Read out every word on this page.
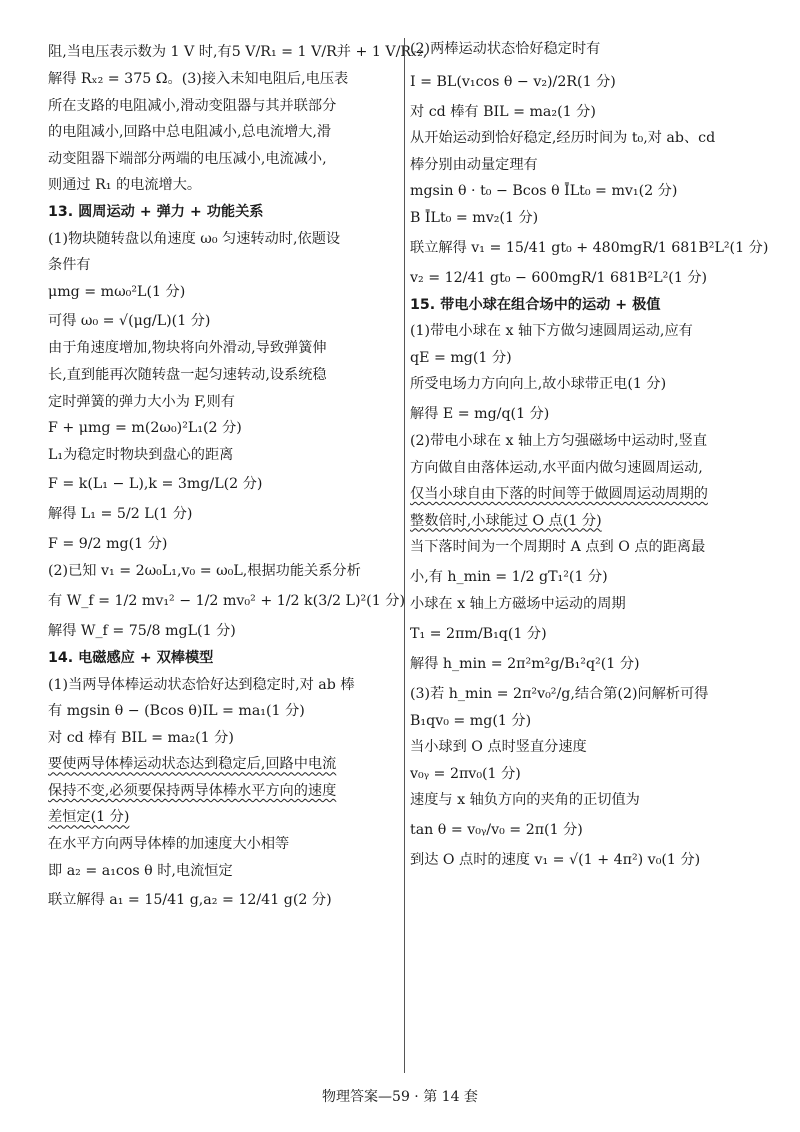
阻,当电压表示数为 1 V 时,有5 V/R₁ = 1 V/R并 + 1 V/Rₓ₂,
解得 Rₓ₂ = 375 Ω。(3)接入未知电阻后,电压表
所在支路的电阻减小,滑动变阻器与其并联部分
的电阻减小,回路中总电阻减小,总电流增大,滑
动变阻器下端部分两端的电压减小,电流减小,
则通过 R₁ 的电流增大。
13. 圆周运动 + 弹力 + 功能关系
(1)物块随转盘以角速度 ω₀ 匀速转动时,依题设
条件有
μmg = mω₀²L(1 分)
可得 ω₀ = √(μg/L)(1 分)
由于角速度增加,物块将向外滑动,导致弹簧伸
长,直到能再次随转盘一起匀速转动,设系统稳
定时弹簧的弹力大小为 F,则有
F + μmg = m(2ω₀)²L₁(2 分)
L₁为稳定时物块到盘心的距离
F = k(L₁ − L),k = 3mg/L(2 分)
解得 L₁ = 5/2 L(1 分)
F = 9/2 mg(1 分)
(2)已知 v₁ = 2ω₀L₁,v₀ = ω₀L,根据功能关系分析
有 W_f = 1/2 mv₁² − 1/2 mv₀² + 1/2 k(3/2 L)²(1 分)
解得 W_f = 75/8 mgL(1 分)
14. 电磁感应 + 双棒模型
(1)当两导体棒运动状态恰好达到稳定时,对 ab 棒
有 mgsin θ − (Bcos θ)IL = ma₁(1 分)
对 cd 棒有 BIL = ma₂(1 分)
要使两导体棒运动状态达到稳定后,回路中电流
保持不变,必须要保持两导体棒水平方向的速度
差恒定(1 分)
在水平方向两导体棒的加速度大小相等
即 a₂ = a₁cos θ 时,电流恒定
联立解得 a₁ = 15/41 g,a₂ = 12/41 g(2 分)
(2)两棒运动状态恰好稳定时有
I = BL(v₁cos θ − v₂)/2R(1 分)
对 cd 棒有 BIL = ma₂(1 分)
从开始运动到恰好稳定,经历时间为 t₀,对 ab、cd
棒分别由动量定理有
mgsin θ · t₀ − Bcos θ ĪLt₀ = mv₁(2 分)
B ĪLt₀ = mv₂(1 分)
联立解得 v₁ = 15/41 gt₀ + 480mgR/1 681B²L²(1 分)
v₂ = 12/41 gt₀ − 600mgR/1 681B²L²(1 分)
15. 带电小球在组合场中的运动 + 极值
(1)带电小球在 x 轴下方做匀速圆周运动,应有
qE = mg(1 分)
所受电场力方向向上,故小球带正电(1 分)
解得 E = mg/q(1 分)
(2)带电小球在 x 轴上方匀强磁场中运动时,竖直
方向做自由落体运动,水平面内做匀速圆周运动,
仅当小球自由下落的时间等于做圆周运动周期的
整数倍时,小球能过 O 点(1 分)
当下落时间为一个周期时 A 点到 O 点的距离最
小,有 h_min = 1/2 gT₁²(1 分)
小球在 x 轴上方磁场中运动的周期
T₁ = 2πm/B₁q(1 分)
解得 h_min = 2π²m²g/B₁²q²(1 分)
(3)若 h_min = 2π²v₀²/g,结合第(2)问解析可得
B₁qv₀ = mg(1 分)
当小球到 O 点时竖直分速度
v₀ᵧ = 2πv₀(1 分)
速度与 x 轴负方向的夹角的正切值为
tan θ = v₀ᵧ/v₀ = 2π(1 分)
到达 O 点时的速度 v₁ = √(1 + 4π²) v₀(1 分)
物理答案—59 · 第 14 套
